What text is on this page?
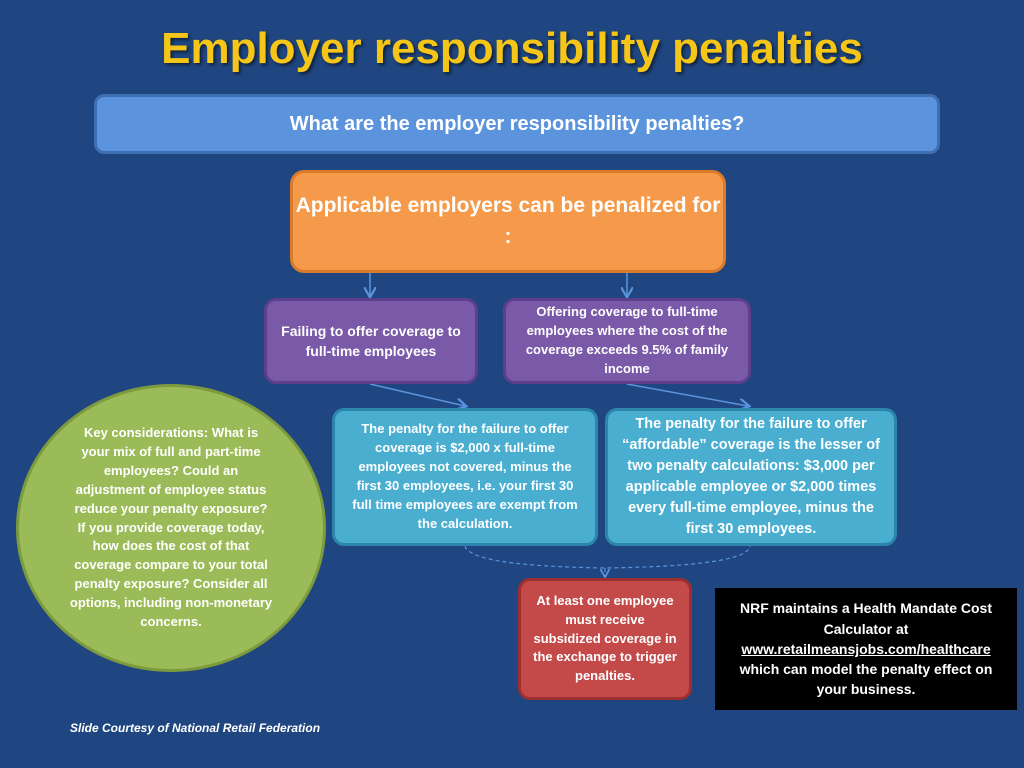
Employer responsibility penalties
What are the employer responsibility penalties?
Applicable employers can be penalized for :
Failing to offer coverage to full-time employees
Offering coverage to full-time employees where the cost of the coverage exceeds 9.5% of family income
The penalty for the failure to offer coverage is $2,000 x full-time employees not covered, minus the first 30 employees, i.e. your first 30 full time employees are exempt from the calculation.
The penalty for the failure to offer “affordable” coverage is the lesser of two penalty calculations: $3,000 per applicable employee or $2,000 times every full-time employee, minus the first 30 employees.
At least one employee must receive subsidized coverage in the exchange to trigger penalties.
Key considerations: What is your mix of full and part-time employees? Could an adjustment of employee status reduce your penalty exposure? If you provide coverage today, how does the cost of that coverage compare to your total penalty exposure? Consider all options, including non-monetary concerns.
NRF maintains a Health Mandate Cost Calculator at
www.retailmeansjobs.com/healthcare
which can model the penalty effect on your business.
Slide Courtesy of National Retail Federation
